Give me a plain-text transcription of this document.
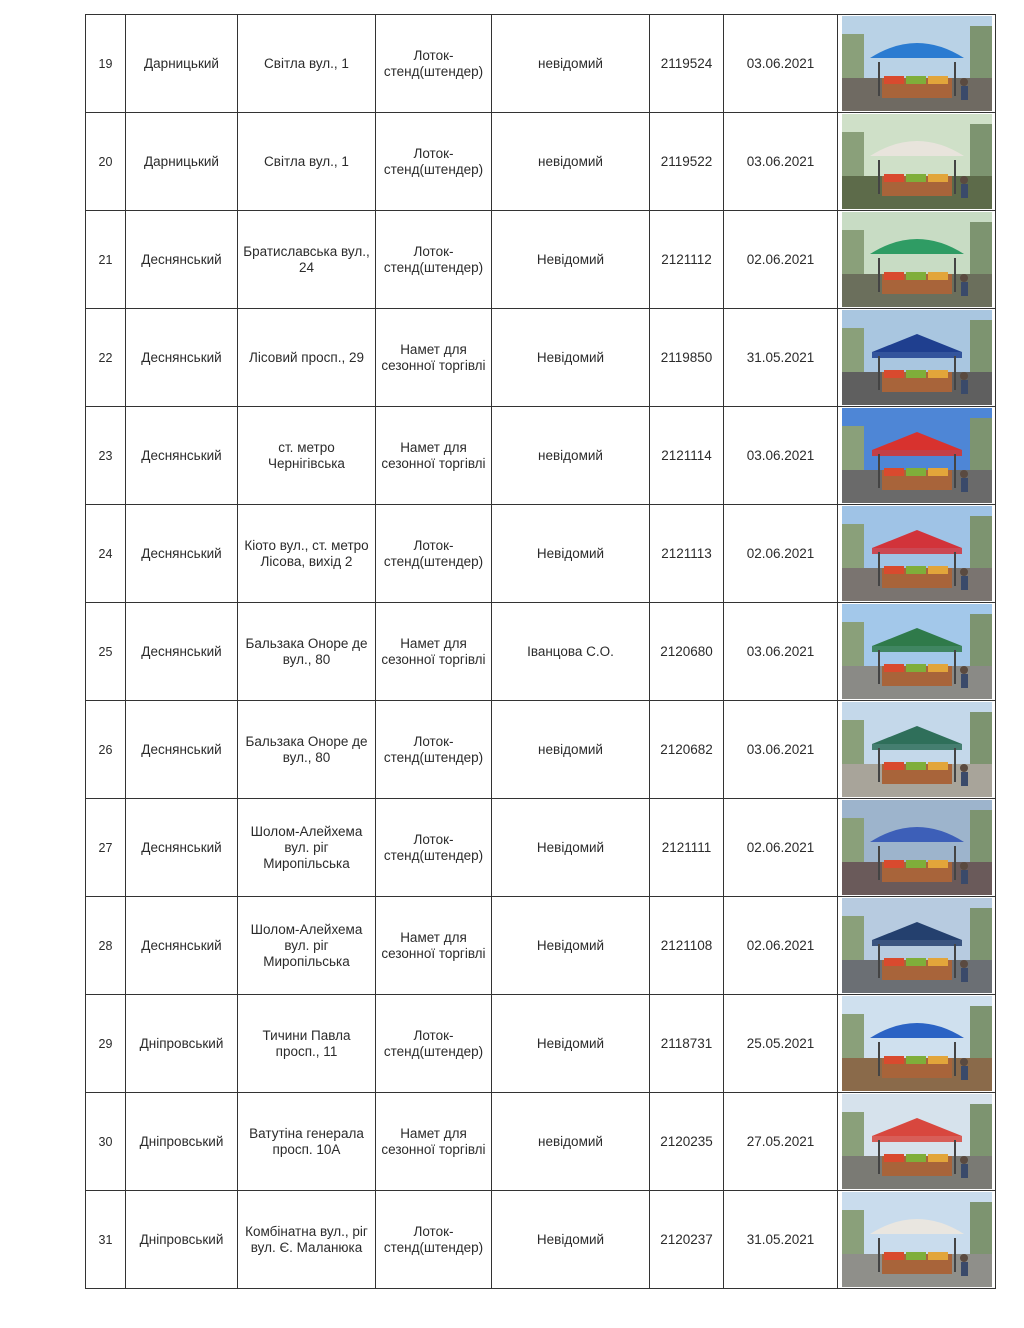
19	Дарницький	Світла вул., 1	Лоток-стенд(штендер)	невідомий	2119524	03.06.2021	

20	Дарницький	Світла вул., 1	Лоток-стенд(штендер)	невідомий	2119522	03.06.2021	

21	Деснянський	Братиславська вул., 24	Лоток-стенд(штендер)	Невідомий	2121112	02.06.2021	

22	Деснянський	Лісовий просп., 29	Намет для сезонної торгівлі	Невідомий	2119850	31.05.2021	

23	Деснянський	ст. метро Чернігівська	Намет для сезонної торгівлі	невідомий	2121114	03.06.2021	

24	Деснянський	Кіото вул., ст. метро Лісова, вихід 2	Лоток-стенд(штендер)	Невідомий	2121113	02.06.2021	

25	Деснянський	Бальзака Оноре де вул., 80	Намет для сезонної торгівлі	Іванцова С.О.	2120680	03.06.2021	

26	Деснянський	Бальзака Оноре де вул., 80	Лоток-стенд(штендер)	невідомий	2120682	03.06.2021	

27	Деснянський	Шолом-Алейхема вул. ріг Миропільська	Лоток-стенд(штендер)	Невідомий	2121111	02.06.2021	

28	Деснянський	Шолом-Алейхема вул. ріг Миропільська	Намет для сезонної торгівлі	Невідомий	2121108	02.06.2021	

29	Дніпровський	Тичини Павла просп., 11	Лоток-стенд(штендер)	Невідомий	2118731	25.05.2021	

30	Дніпровський	Ватутіна генерала просп. 10А	Намет для сезонної торгівлі	невідомий	2120235	27.05.2021	

31	Дніпровський	Комбінатна вул., ріг вул. Є. Маланюка	Лоток-стенд(штендер)	Невідомий	2120237	31.05.2021	
